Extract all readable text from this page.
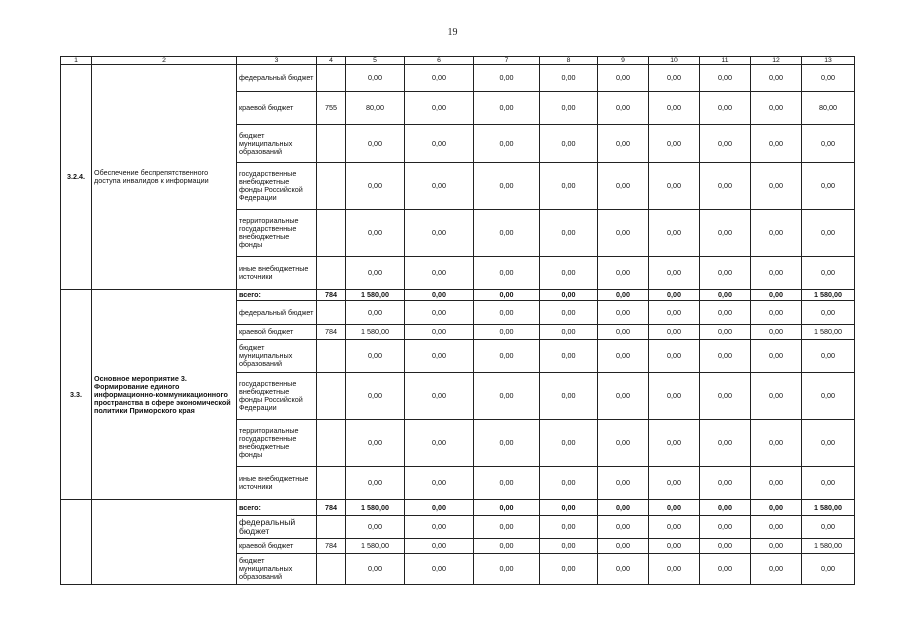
19
1	2	3	4	5	6	7	8	9	10	11	12	13
3.2.4.	Обеспечение беспрепятственного доступа инвалидов к информации	федеральный бюджет		0,00	0,00	0,00	0,00	0,00	0,00	0,00	0,00	0,00
		краевой бюджет	755	80,00	0,00	0,00	0,00	0,00	0,00	0,00	0,00	80,00
		бюджет муниципальных образований		0,00	0,00	0,00	0,00	0,00	0,00	0,00	0,00	0,00
		государственные внебюджетные фонды Российской Федерации		0,00	0,00	0,00	0,00	0,00	0,00	0,00	0,00	0,00
		территориальные государственные внебюджетные фонды		0,00	0,00	0,00	0,00	0,00	0,00	0,00	0,00	0,00
		иные внебюджетные источники		0,00	0,00	0,00	0,00	0,00	0,00	0,00	0,00	0,00
3.3.	Основное мероприятие 3.
Формирование единого информационно-коммуникационного пространства в сфере экономической политики Приморского края	всего:	784	1 580,00	0,00	0,00	0,00	0,00	0,00	0,00	0,00	1 580,00
		федеральный бюджет		0,00	0,00	0,00	0,00	0,00	0,00	0,00	0,00	0,00
		краевой бюджет	784	1 580,00	0,00	0,00	0,00	0,00	0,00	0,00	0,00	1 580,00
		бюджет муниципальных образований		0,00	0,00	0,00	0,00	0,00	0,00	0,00	0,00	0,00
		государственные внебюджетные фонды Российской Федерации		0,00	0,00	0,00	0,00	0,00	0,00	0,00	0,00	0,00
		территориальные государственные внебюджетные фонды		0,00	0,00	0,00	0,00	0,00	0,00	0,00	0,00	0,00
		иные внебюджетные источники		0,00	0,00	0,00	0,00	0,00	0,00	0,00	0,00	0,00
		всего:	784	1 580,00	0,00	0,00	0,00	0,00	0,00	0,00	0,00	1 580,00
		федеральный бюджет		0,00	0,00	0,00	0,00	0,00	0,00	0,00	0,00	0,00
		краевой бюджет	784	1 580,00	0,00	0,00	0,00	0,00	0,00	0,00	0,00	1 580,00
		бюджет муниципальных образований		0,00	0,00	0,00	0,00	0,00	0,00	0,00	0,00	0,00
